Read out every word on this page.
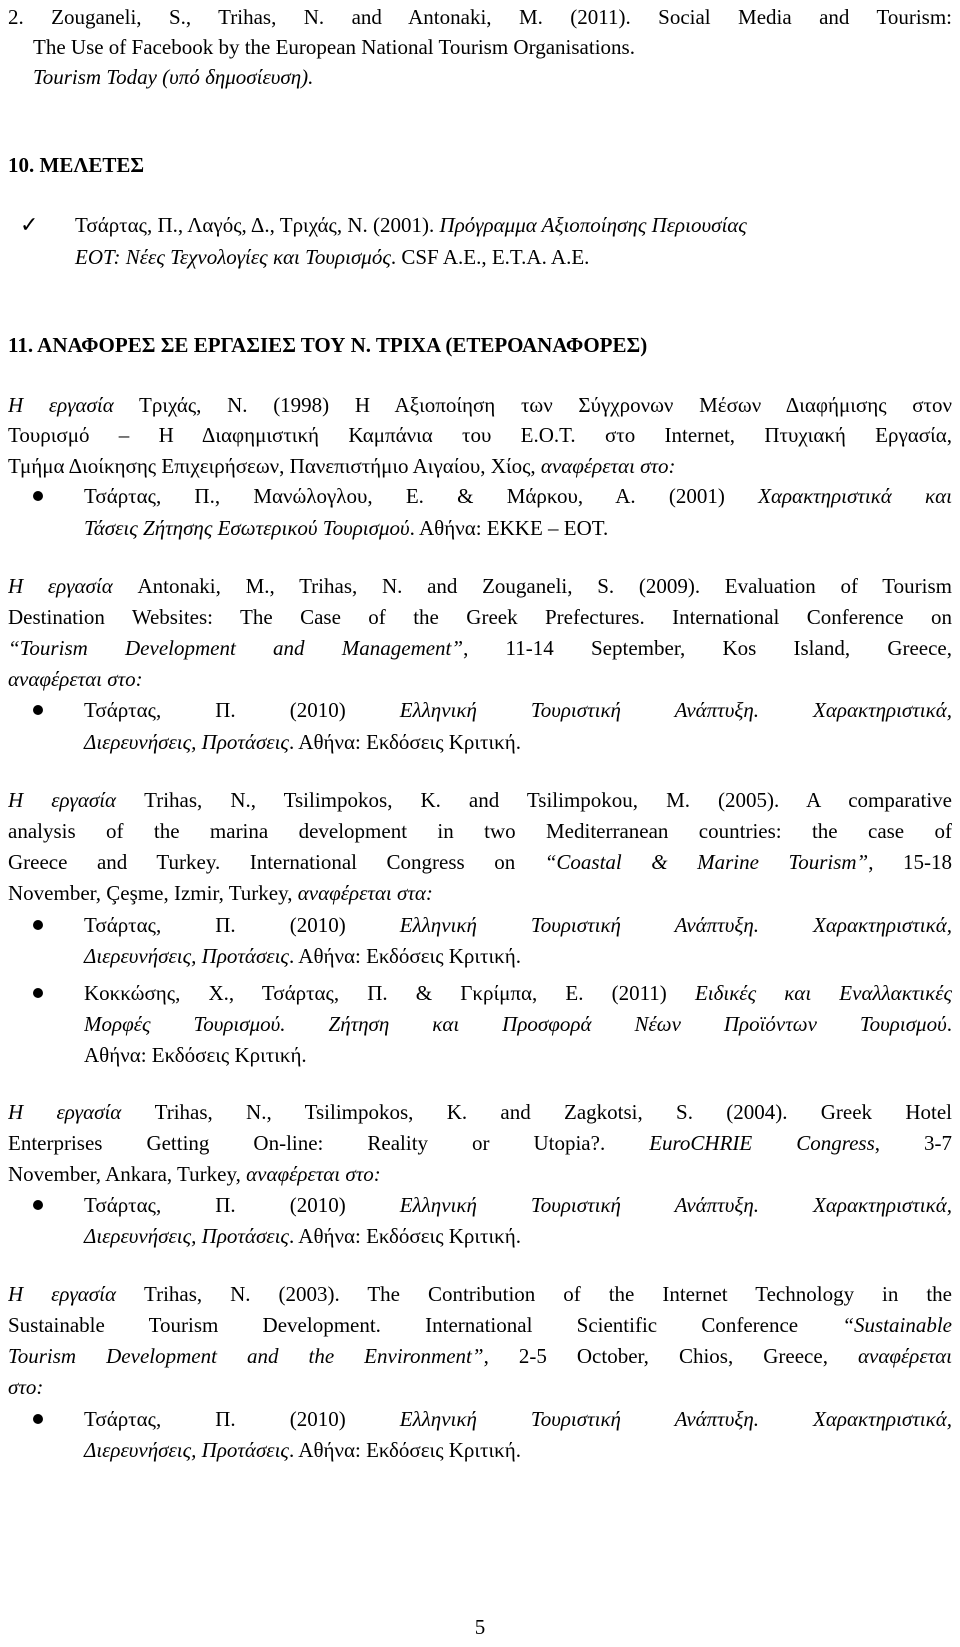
2. Zouganeli, S., Trihas, N. and Antonaki, M. (2011). Social Media and Tourism:
The Use of Facebook by the European National Tourism Organisations.
Tourism Today (υπό δημοσίευση).
10. ΜΕΛΕΤΕΣ
✓ Τσάρτας, Π., Λαγός, Δ., Τριχάς, Ν. (2001). Πρόγραμμα Αξιοποίησης Περιουσίας
ΕΟΤ: Νέες Τεχνολογίες και Τουρισμός. CSF A.E., E.T.A. A.E.
11. ΑΝΑΦΟΡΕΣ ΣΕ ΕΡΓΑΣΙΕΣ ΤΟΥ Ν. ΤΡΙΧΑ (ΕΤΕΡΟΑΝΑΦΟΡΕΣ)
Η εργασία Τριχάς, Ν. (1998) Η Αξιοποίηση των Σύγχρονων Μέσων Διαφήμισης στον
Τουρισμό – Η Διαφημιστική Καμπάνια του Ε.Ο.Τ. στο Internet, Πτυχιακή Εργασία,
Τμήμα Διοίκησης Επιχειρήσεων, Πανεπιστήμιο Αιγαίου, Χίος, αναφέρεται στο:
Τσάρτας, Π., Μανώλογλου, Ε. & Μάρκου, Α. (2001) Χαρακτηριστικά και
Τάσεις Ζήτησης Εσωτερικού Τουρισμού. Αθήνα: ΕΚΚΕ – ΕΟΤ.
Η εργασία Antonaki, M., Trihas, N. and Zouganeli, S. (2009). Evaluation of Tourism
Destination Websites: The Case of the Greek Prefectures. International Conference on
“Tourism Development and Management”, 11-14 September, Kos Island, Greece,
αναφέρεται στο:
Τσάρτας, Π. (2010) Ελληνική Τουριστική Ανάπτυξη. Χαρακτηριστικά,
Διερευνήσεις, Προτάσεις. Αθήνα: Εκδόσεις Κριτική.
Η εργασία Trihas, N., Tsilimpokos, K. and Tsilimpokou, M. (2005). A comparative
analysis of the marina development in two Mediterranean countries: the case of
Greece and Turkey. International Congress on “Coastal & Marine Tourism”, 15-18
November, Çeşme, Izmir, Turkey, αναφέρεται στα:
Τσάρτας, Π. (2010) Ελληνική Τουριστική Ανάπτυξη. Χαρακτηριστικά,
Διερευνήσεις, Προτάσεις. Αθήνα: Εκδόσεις Κριτική.
Κοκκώσης, Χ., Τσάρτας, Π. & Γκρίμπα, Ε. (2011) Ειδικές και Εναλλακτικές
Μορφές Τουρισμού. Ζήτηση και Προσφορά Νέων Προϊόντων Τουρισμού.
Αθήνα: Εκδόσεις Κριτική.
Η εργασία Trihas, N., Tsilimpokos, K. and Zagkotsi, S. (2004). Greek Hotel
Enterprises Getting On-line: Reality or Utopia?. EuroCHRIE Congress, 3-7
November, Ankara, Turkey, αναφέρεται στο:
Τσάρτας, Π. (2010) Ελληνική Τουριστική Ανάπτυξη. Χαρακτηριστικά,
Διερευνήσεις, Προτάσεις. Αθήνα: Εκδόσεις Κριτική.
Η εργασία Trihas, N. (2003). The Contribution of the Internet Technology in the
Sustainable Tourism Development. International Scientific Conference “Sustainable
Tourism Development and the Environment”, 2-5 October, Chios, Greece, αναφέρεται
στο:
Τσάρτας, Π. (2010) Ελληνική Τουριστική Ανάπτυξη. Χαρακτηριστικά,
Διερευνήσεις, Προτάσεις. Αθήνα: Εκδόσεις Κριτική.
5
